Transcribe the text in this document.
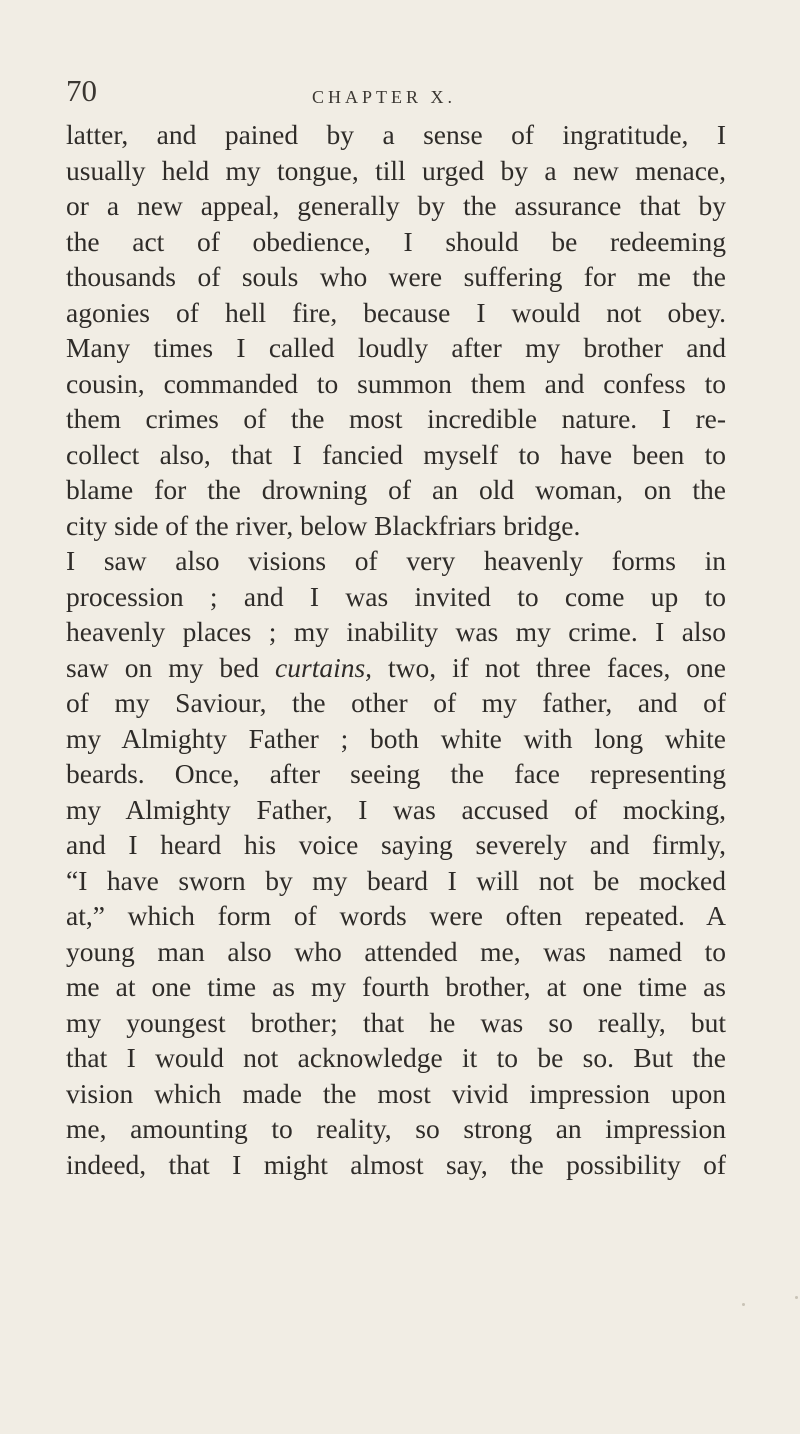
70	CHAPTER X.
latter, and pained by a sense of ingratitude, I
usually held my tongue, till urged by a new menace,
or a new appeal, generally by the assurance that by
the act of obedience, I should be redeeming
thousands of souls who were suffering for me the
agonies of hell fire, because I would not obey.
Many times I called loudly after my brother and
cousin, commanded to summon them and confess to
them crimes of the most incredible nature. I re-
collect also, that I fancied myself to have been to
blame for the drowning of an old woman, on the
city side of the river, below Blackfriars bridge.
I saw also visions of very heavenly forms in
procession ; and I was invited to come up to
heavenly places ; my inability was my crime. I also
saw on my bed curtains, two, if not three faces, one
of my Saviour, the other of my father, and of
my Almighty Father ; both white with long white
beards. Once, after seeing the face representing
my Almighty Father, I was accused of mocking,
and I heard his voice saying severely and firmly,
“I have sworn by my beard I will not be mocked
at,” which form of words were often repeated. A
young man also who attended me, was named to
me at one time as my fourth brother, at one time as
my youngest brother; that he was so really, but
that I would not acknowledge it to be so. But the
vision which made the most vivid impression upon
me, amounting to reality, so strong an impression
indeed, that I might almost say, the possibility of
